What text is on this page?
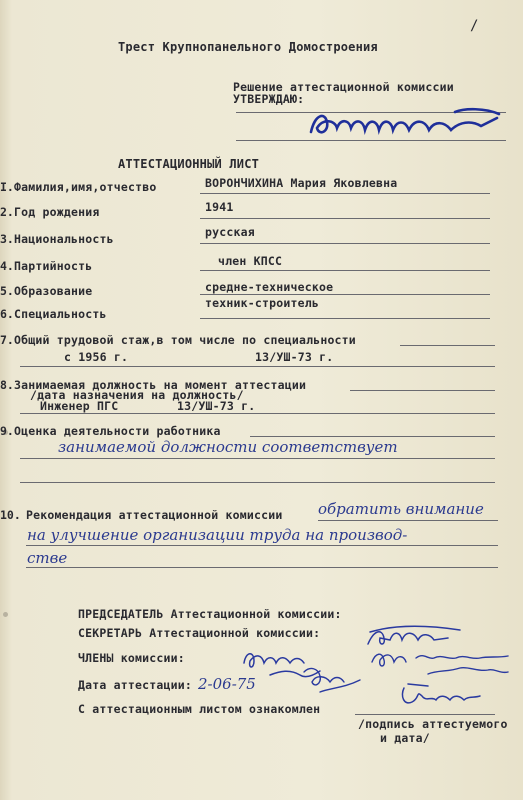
Трест Крупнопанельного Домостроения
/
Решение аттестационной комиссии
УТВЕРЖДАЮ:
АТТЕСТАЦИОННЫЙ ЛИСТ
I. Фамилия,имя,отчество	ВОРОНЧИХИНА Мария Яковлевна
2. Год рождения	1941
3. Национальность	русская
4. Партийность	член КПСС
5. Образование	средне-техническое
6. Специальность
техник-строитель
7. Общий трудовой стаж,в том числе по специальности
с 1956 г.	13/УШ-73 г.
8. Занимаемая должность на момент аттестации
/дата назначения на должность/
Инженер ПГС	13/УШ-73 г.
9. Оценка деятельности работника
занимаемой должности соответствует
10. Рекомендация аттестационной комиссии обратить внимание
на улучшение организации труда на производ-
стве
ПРЕДСЕДАТЕЛЬ Аттестационной комиссии:
СЕКРЕТАРЬ Аттестационной комиссии:
ЧЛЕНЫ комиссии:
Дата аттестации: 2-06-75
С аттестационным листом ознакомлен
/подпись аттестуемого
и дата/
